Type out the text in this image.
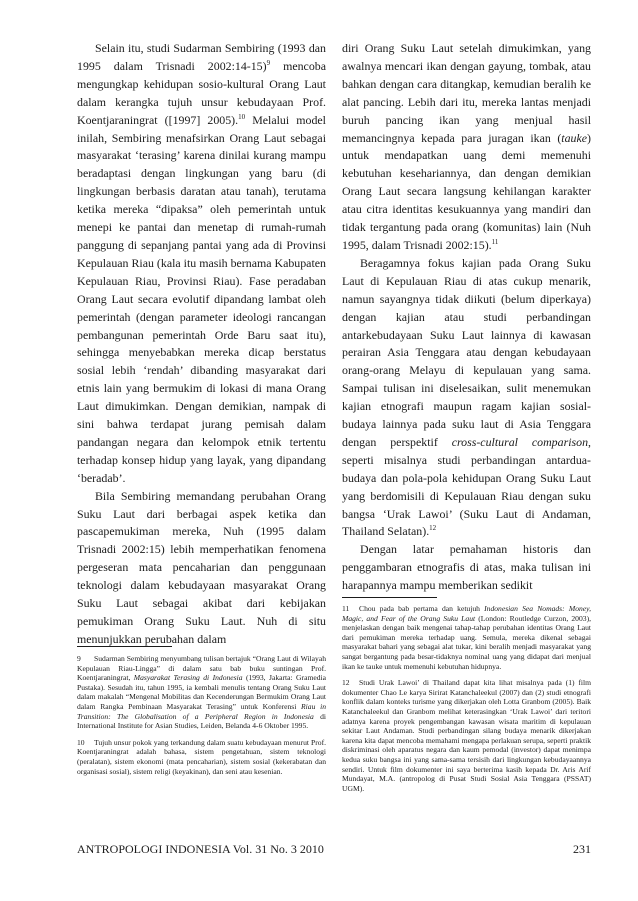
Selain itu, studi Sudarman Sembiring (1993 dan 1995 dalam Trisnadi 2002:14-15)$^9$ mencoba mengungkap kehidupan sosio-kultural Orang Laut dalam kerangka tujuh unsur kebudayaan Prof. Koentjaraningrat ([1997] 2005).$^{10}$ Melalui model inilah, Sembiring menafsirkan Orang Laut sebagai masyarakat ‘terasing’ karena dinilai kurang mampu beradaptasi dengan lingkungan yang baru (di lingkungan berbasis daratan atau tanah), terutama ketika mereka “dipaksa” oleh pemerintah untuk menepi ke pantai dan menetap di rumah-rumah panggung di sepanjang pantai yang ada di Provinsi Kepulauan Riau (kala itu masih bernama Kabupaten Kepulauan Riau, Provinsi Riau). Fase peradaban Orang Laut secara evolutif dipandang lambat oleh pemerintah (dengan parameter ideologi rancangan pembangunan pemerintah Orde Baru saat itu), sehingga menyebabkan mereka dicap berstatus sosial lebih ‘rendah’ dibanding masyarakat dari etnis lain yang bermukim di lokasi di mana Orang Laut dimukimkan. Dengan demikian, nampak di sini bahwa terdapat jurang pemisah dalam pandangan negara dan kelompok etnik tertentu terhadap konsep hidup yang layak, yang dipandang ‘beradab’.

Bila Sembiring memandang perubahan Orang Suku Laut dari berbagai aspek ketika dan pascapemukiman mereka, Nuh (1995 dalam Trisnadi 2002:15) lebih memperhatikan fenomena pergeseran mata pencaharian dan penggunaan teknologi dalam kebudayaan masyarakat Orang Suku Laut sebagai akibat dari kebijakan pemukiman Orang Suku Laut. Nuh di situ menunjukkan perubahan dalam

diri Orang Suku Laut setelah dimukimkan, yang awalnya mencari ikan dengan gayung, tombak, atau bahkan dengan cara ditangkap, kemudian beralih ke alat pancing. Lebih dari itu, mereka lantas menjadi buruh pancing ikan yang menjual hasil memancingnya kepada para juragan ikan (tauke) untuk mendapatkan uang demi memenuhi kebutuhan kesehariannya, dan dengan demikian Orang Laut secara langsung kehilangan karakter atau citra identitas kesukuannya yang mandiri dan tidak tergantung pada orang (komunitas) lain (Nuh 1995, dalam Trisnadi 2002:15).$^{11}$

Beragamnya fokus kajian pada Orang Suku Laut di Kepulauan Riau di atas cukup menarik, namun sayangnya tidak diikuti (belum diperkaya) dengan kajian atau studi perbandingan antarkebudayaan Suku Laut lainnya di kawasan perairan Asia Tenggara atau dengan kebudayaan orang-orang Melayu di kepulauan yang sama. Sampai tulisan ini diselesaikan, sulit menemukan kajian etnografi maupun ragam kajian sosial-budaya lainnya pada suku laut di Asia Tenggara dengan perspektif cross-cultural comparison, seperti misalnya studi perbandingan antardua-budaya dan pola-pola kehidupan Orang Suku Laut yang berdomisili di Kepulauan Riau dengan suku bangsa ‘Urak Lawoi’ (Suku Laut di Andaman, Thailand Selatan).$^{12}$

Dengan latar pemahaman historis dan penggambaran etnografis di atas, maka tulisan ini harapannya mampu memberikan sedikit

9 Sudarman Sembiring menyumbang tulisan bertajuk “Orang Laut di Wilayah Kepulauan Riau-Lingga” di dalam satu bab buku suntingan Prof. Koentjaraningrat, Masyarakat Terasing di Indonesia (1993, Jakarta: Gramedia Pustaka). Sesudah itu, tahun 1995, ia kembali menulis tentang Orang Suku Laut dalam makalah “Mengenal Mobilitas dan Kecenderungan Bermukim Orang Laut dalam Rangka Pembinaan Masyarakat Terasing” untuk Konferensi Riau in Transition: The Globalisation of a Peripheral Region in Indonesia di International Institute for Asian Studies, Leiden, Belanda 4-6 Oktober 1995.

10 Tujuh unsur pokok yang terkandung dalam suatu kebudayaan menurut Prof. Koentjaraningrat adalah bahasa, sistem pengetahuan, sistem teknologi (peralatan), sistem ekonomi (mata pencaharian), sistem sosial (kekerabatan dan organisasi sosial), sistem religi (keyakinan), dan seni atau kesenian.

11 Chou pada bab pertama dan ketujuh Indonesian Sea Nomads: Money, Magic, and Fear of the Orang Suku Laut (London: Routledge Curzon, 2003), menjelaskan dengan baik mengenai tahap-tahap perubahan identitas Orang Laut dari pemukiman mereka terhadap uang. Semula, mereka dikenal sebagai masyarakat bahari yang sebagai alat tukar, kini beralih menjadi masyarakat yang sangat bergantung pada besar-tidaknya nominal uang yang didapat dari menjual ikan ke tauke untuk memenuhi kebutuhan hidupnya.

12 Studi Urak Lawoi’ di Thailand dapat kita lihat misalnya pada (1) film dokumenter Chao Le karya Sirirat Katanchaleekul (2007) dan (2) studi etnografi konflik dalam konteks turisme yang dikerjakan oleh Lotta Granbom (2005). Baik Katanchaleekul dan Granbom melihat keterasingkan ‘Urak Lawoi’ dari teritori adatnya karena proyek pengembangan kawasan wisata maritim di kepulauan sekitar Laut Andaman. Studi perbandingan silang budaya menarik dikerjakan karena kita dapat mencoba memahami mengapa perlakuan serupa, seperti praktik diskriminasi oleh aparatus negara dan kaum pemodal (investor) dapat menimpa kedua suku bangsa ini yang sama-sama tersisih dari lingkungan kebudayaannya sendiri. Untuk film dokumenter ini saya berterima kasih kepada Dr. Aris Arif Mundayat, M.A. (antropolog di Pusat Studi Sosial Asia Tenggara (PSSAT) UGM).

ANTROPOLOGI INDONESIA Vol. 31 No. 3 2010	231
